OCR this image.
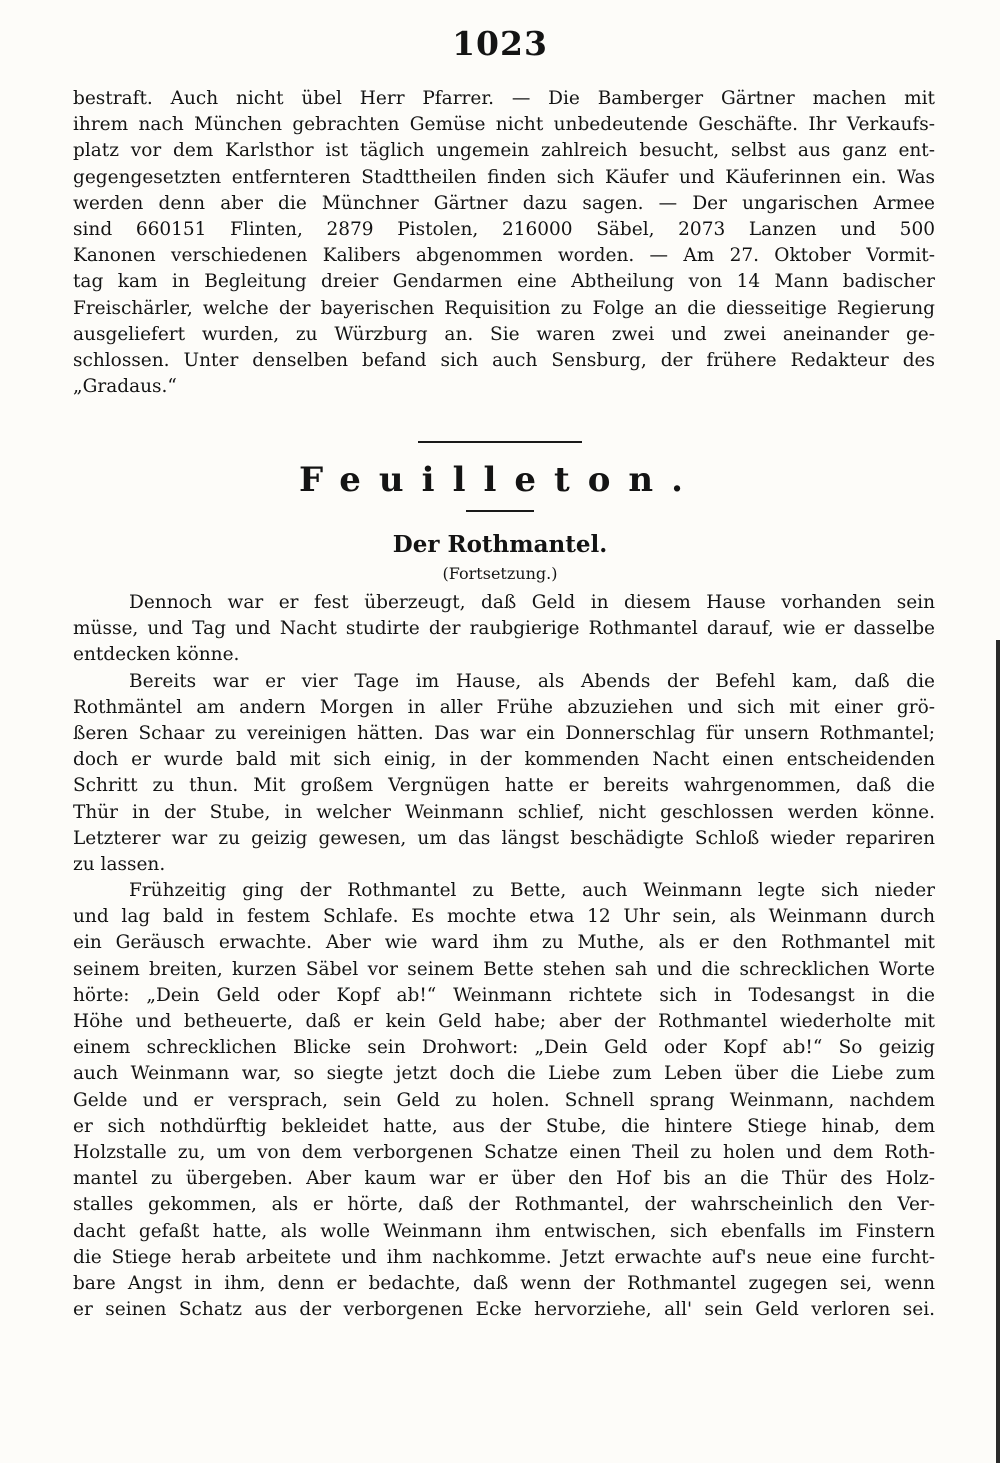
1023
bestraft. Auch nicht übel Herr Pfarrer. — Die Bamberger Gärtner machen mit
ihrem nach München gebrachten Gemüse nicht unbedeutende Geschäfte. Ihr Verkaufs-
platz vor dem Karlsthor ist täglich ungemein zahlreich besucht, selbst aus ganz ent-
gegengesetzten entfernteren Stadttheilen finden sich Käufer und Käuferinnen ein. Was
werden denn aber die Münchner Gärtner dazu sagen. — Der ungarischen Armee
sind 660151 Flinten, 2879 Pistolen, 216000 Säbel, 2073 Lanzen und 500
Kanonen verschiedenen Kalibers abgenommen worden. — Am 27. Oktober Vormit-
tag kam in Begleitung dreier Gendarmen eine Abtheilung von 14 Mann badischer
Freischärler, welche der bayerischen Requisition zu Folge an die diesseitige Regierung
ausgeliefert wurden, zu Würzburg an. Sie waren zwei und zwei aneinander ge-
schlossen. Unter denselben befand sich auch Sensburg, der frühere Redakteur des
„Gradaus.“
Feuilleton.
Der Rothmantel.
(Fortsetzung.)
Dennoch war er fest überzeugt, daß Geld in diesem Hause vorhanden sein
müsse, und Tag und Nacht studirte der raubgierige Rothmantel darauf, wie er dasselbe
entdecken könne.
Bereits war er vier Tage im Hause, als Abends der Befehl kam, daß die
Rothmäntel am andern Morgen in aller Frühe abzuziehen und sich mit einer grö-
ßeren Schaar zu vereinigen hätten. Das war ein Donnerschlag für unsern Rothmantel;
doch er wurde bald mit sich einig, in der kommenden Nacht einen entscheidenden
Schritt zu thun. Mit großem Vergnügen hatte er bereits wahrgenommen, daß die
Thür in der Stube, in welcher Weinmann schlief, nicht geschlossen werden könne.
Letzterer war zu geizig gewesen, um das längst beschädigte Schloß wieder repariren
zu lassen.
Frühzeitig ging der Rothmantel zu Bette, auch Weinmann legte sich nieder
und lag bald in festem Schlafe. Es mochte etwa 12 Uhr sein, als Weinmann durch
ein Geräusch erwachte. Aber wie ward ihm zu Muthe, als er den Rothmantel mit
seinem breiten, kurzen Säbel vor seinem Bette stehen sah und die schrecklichen Worte
hörte: „Dein Geld oder Kopf ab!“ Weinmann richtete sich in Todesangst in die
Höhe und betheuerte, daß er kein Geld habe; aber der Rothmantel wiederholte mit
einem schrecklichen Blicke sein Drohwort: „Dein Geld oder Kopf ab!“ So geizig
auch Weinmann war, so siegte jetzt doch die Liebe zum Leben über die Liebe zum
Gelde und er versprach, sein Geld zu holen. Schnell sprang Weinmann, nachdem
er sich nothdürftig bekleidet hatte, aus der Stube, die hintere Stiege hinab, dem
Holzstalle zu, um von dem verborgenen Schatze einen Theil zu holen und dem Roth-
mantel zu übergeben. Aber kaum war er über den Hof bis an die Thür des Holz-
stalles gekommen, als er hörte, daß der Rothmantel, der wahrscheinlich den Ver-
dacht gefaßt hatte, als wolle Weinmann ihm entwischen, sich ebenfalls im Finstern
die Stiege herab arbeitete und ihm nachkomme. Jetzt erwachte auf's neue eine furcht-
bare Angst in ihm, denn er bedachte, daß wenn der Rothmantel zugegen sei, wenn
er seinen Schatz aus der verborgenen Ecke hervorziehe, all' sein Geld verloren sei.
